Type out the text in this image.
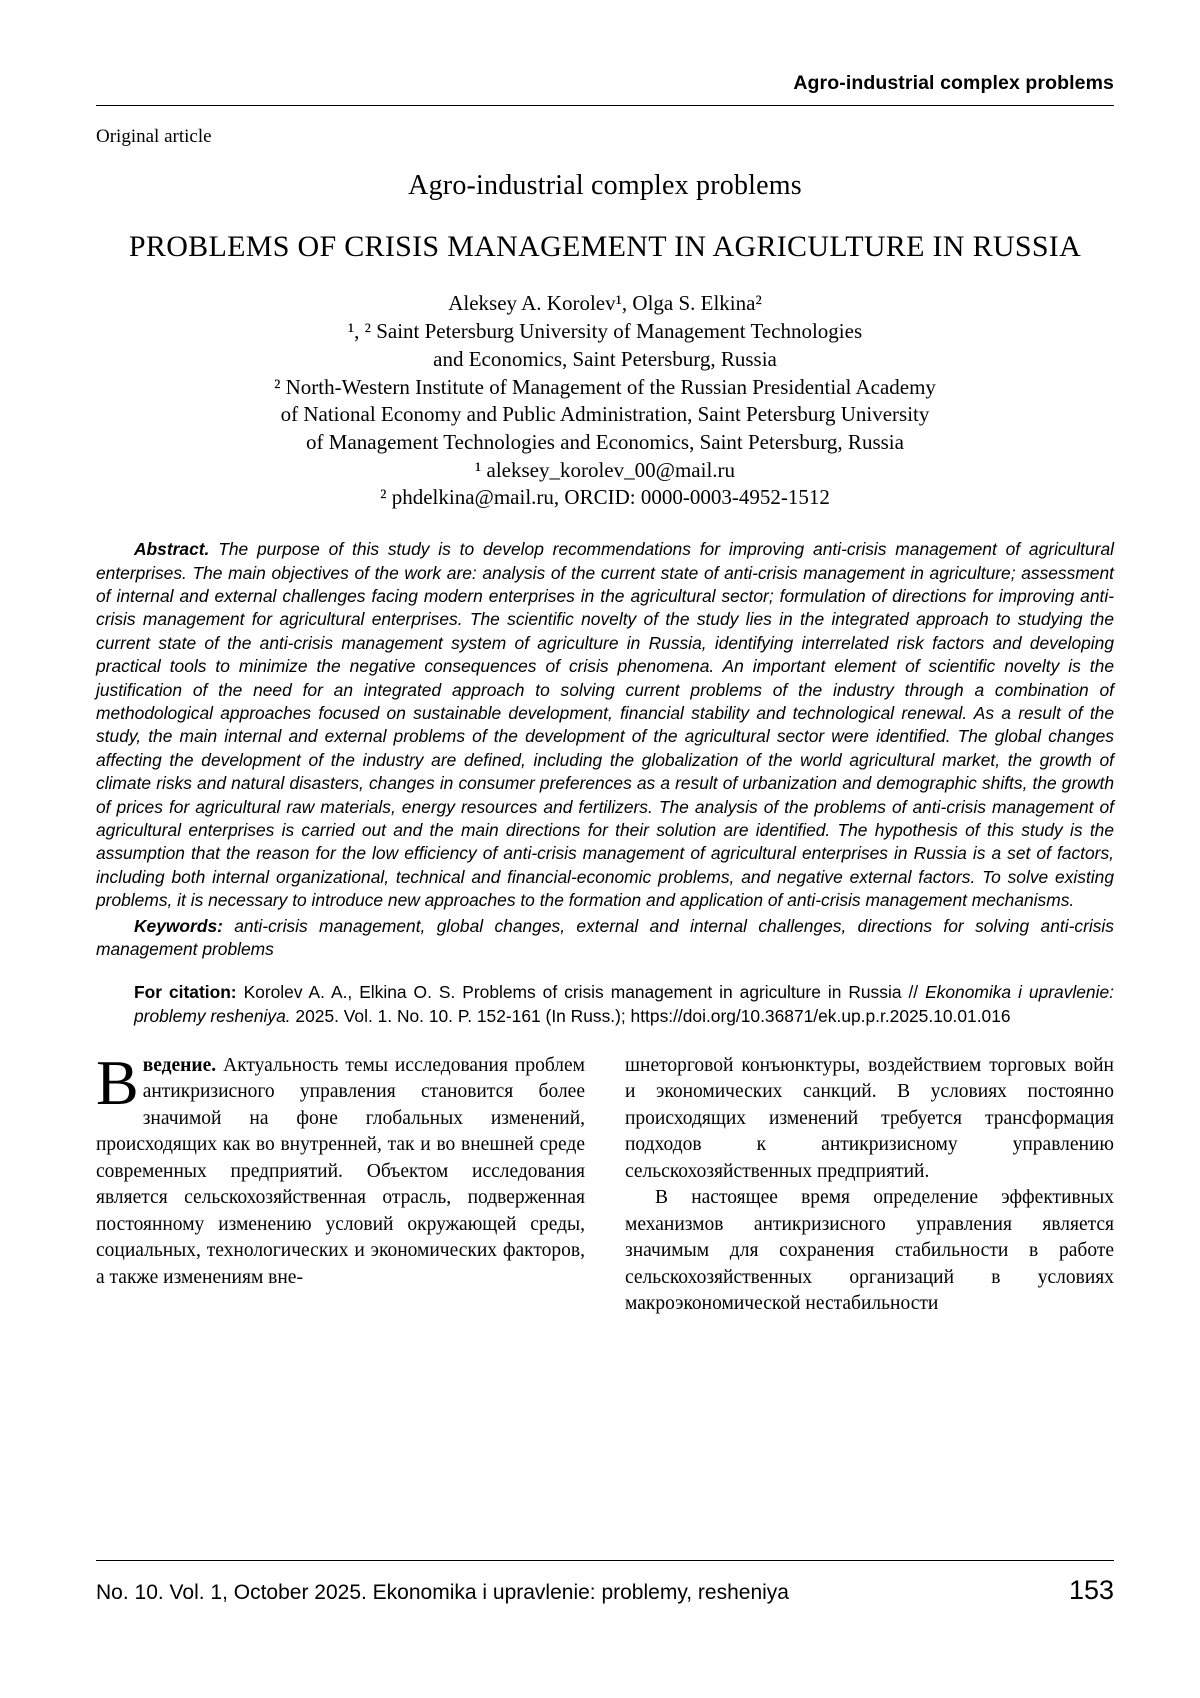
Agro-industrial complex problems
Original article
Agro-industrial complex problems
PROBLEMS OF CRISIS MANAGEMENT IN AGRICULTURE IN RUSSIA
Aleksey A. Korolev¹, Olga S. Elkina²
¹, ² Saint Petersburg University of Management Technologies
and Economics, Saint Petersburg, Russia
² North-Western Institute of Management of the Russian Presidential Academy
of National Economy and Public Administration, Saint Petersburg University
of Management Technologies and Economics, Saint Petersburg, Russia
¹ aleksey_korolev_00@mail.ru
² phdelkina@mail.ru, ORCID: 0000-0003-4952-1512

Abstract. The purpose of this study is to develop recommendations for improving anti-crisis management of agricultural enterprises. The main objectives of the work are: analysis of the current state of anti-crisis management in agriculture; assessment of internal and external challenges facing modern enterprises in the agricultural sector; formulation of directions for improving anti-crisis management for agricultural enterprises. The scientific novelty of the study lies in the integrated approach to studying the current state of the anti-crisis management system of agriculture in Russia, identifying interrelated risk factors and developing practical tools to minimize the negative consequences of crisis phenomena. An important element of scientific novelty is the justification of the need for an integrated approach to solving current problems of the industry through a combination of methodological approaches focused on sustainable development, financial stability and technological renewal. As a result of the study, the main internal and external problems of the development of the agricultural sector were identified. The global changes affecting the development of the industry are defined, including the globalization of the world agricultural market, the growth of climate risks and natural disasters, changes in consumer preferences as a result of urbanization and demographic shifts, the growth of prices for agricultural raw materials, energy resources and fertilizers. The analysis of the problems of anti-crisis management of agricultural enterprises is carried out and the main directions for their solution are identified. The hypothesis of this study is the assumption that the reason for the low efficiency of anti-crisis management of agricultural enterprises in Russia is a set of factors, including both internal organizational, technical and financial-economic problems, and negative external factors. To solve existing problems, it is necessary to introduce new approaches to the formation and application of anti-crisis management mechanisms.

Keywords: anti-crisis management, global changes, external and internal challenges, directions for solving anti-crisis management problems
For citation: Korolev A. A., Elkina O. S. Problems of crisis management in agriculture in Russia // Ekonomika i upravlenie: problemy resheniya. 2025. Vol. 1. No. 10. P. 152-161 (In Russ.); https://doi.org/10.36871/ek.up.p.r.2025.10.01.016

Введение. Актуальность темы исследования проблем антикризисного управления становится более значимой на фоне глобальных изменений, происходящих как во внутренней, так и во внешней среде современных предприятий. Объектом исследования является сельскохозяйственная отрасль, подверженная постоянному изменению условий окружающей среды, социальных, технологических и экономических факторов, а также изменениям вне-

шнеторговой конъюнктуры, воздействием торговых войн и экономических санкций. В условиях постоянно происходящих изменений требуется трансформация подходов к антикризисному управлению сельскохозяйственных предприятий.

В настоящее время определение эффективных механизмов антикризисного управления является значимым для сохранения стабильности в работе сельскохозяйственных организаций в условиях макроэкономической нестабильности

No. 10. Vol. 1, October 2025. Ekonomika i upravlenie: problemy, resheniya	153
